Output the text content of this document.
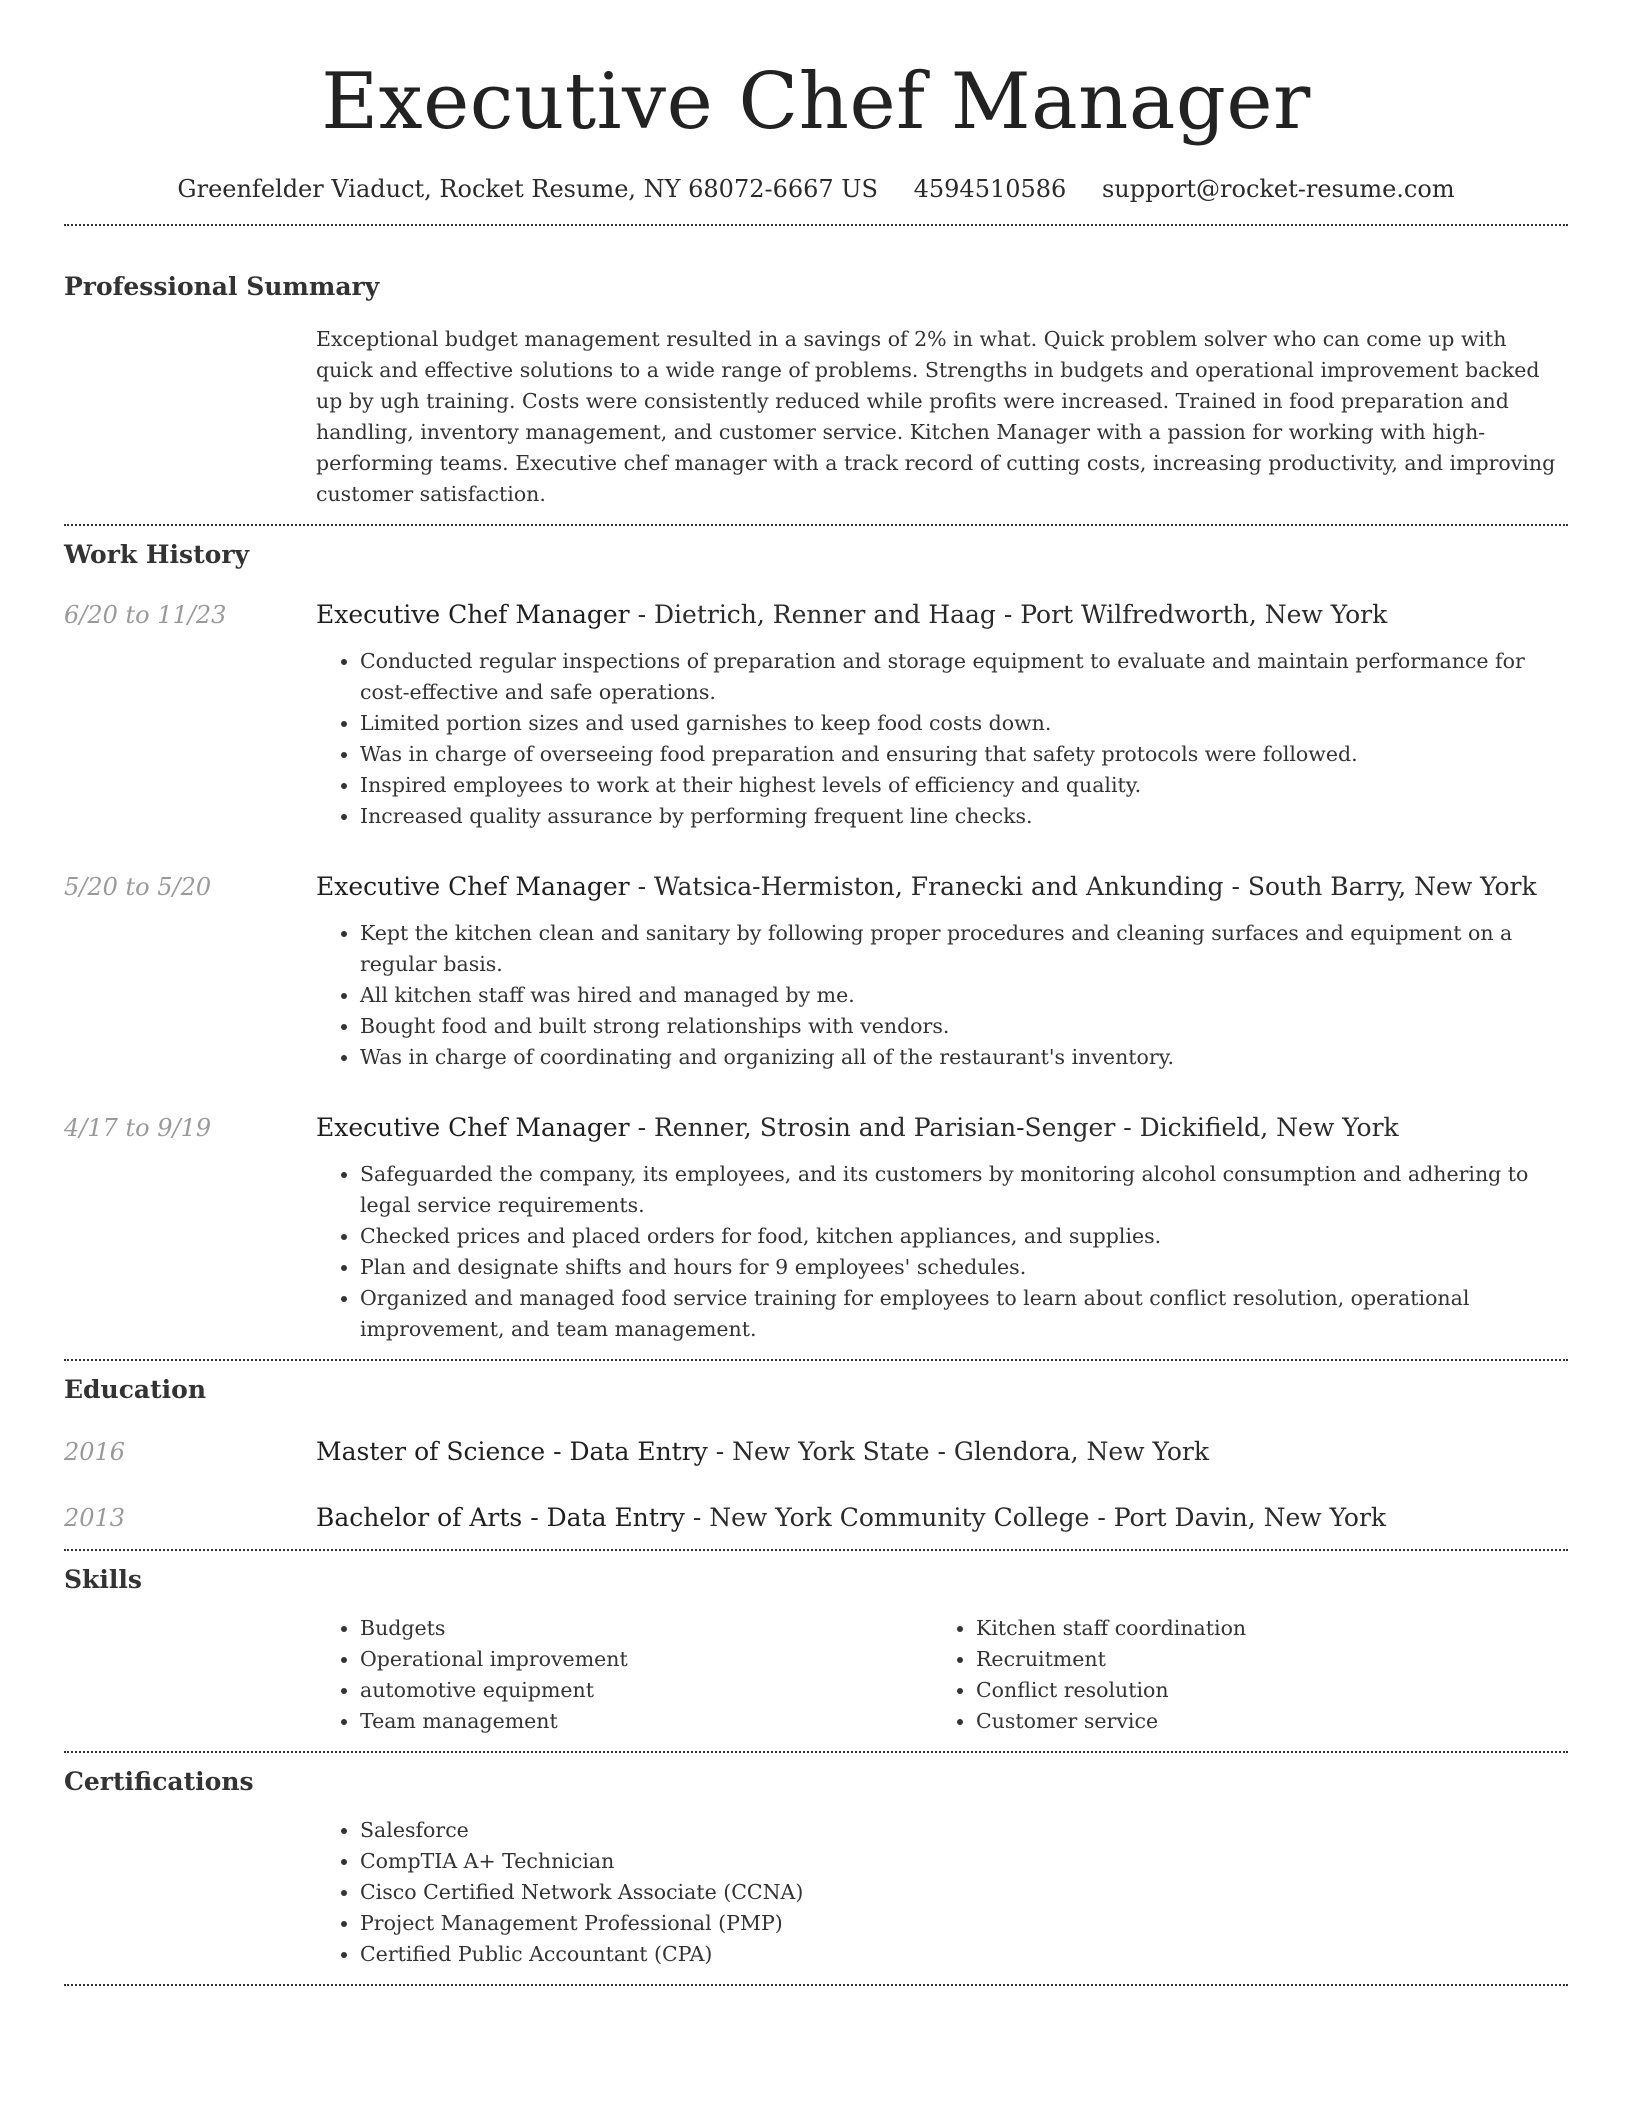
Executive Chef Manager
Greenfelder Viaduct, Rocket Resume, NY 68072-6667 US 4594510586 support@rocket-resume.com
Professional Summary

Exceptional budget management resulted in a savings of 2% in what. Quick problem solver who can come up with quick and effective solutions to a wide range of problems. Strengths in budgets and operational improvement backed up by ugh training. Costs were consistently reduced while profits were increased. Trained in food preparation and handling, inventory management, and customer service. Kitchen Manager with a passion for working with high-performing teams. Executive chef manager with a track record of cutting costs, increasing productivity, and improving customer satisfaction.

Work History
6/20 to 11/23	Executive Chef Manager - Dietrich, Renner and Haag - Port Wilfredworth, New York
• Conducted regular inspections of preparation and storage equipment to evaluate and maintain performance for cost-effective and safe operations.
• Limited portion sizes and used garnishes to keep food costs down.
• Was in charge of overseeing food preparation and ensuring that safety protocols were followed.
• Inspired employees to work at their highest levels of efficiency and quality.
• Increased quality assurance by performing frequent line checks.
5/20 to 5/20	Executive Chef Manager - Watsica-Hermiston, Franecki and Ankunding - South Barry, New York
• Kept the kitchen clean and sanitary by following proper procedures and cleaning surfaces and equipment on a regular basis.
• All kitchen staff was hired and managed by me.
• Bought food and built strong relationships with vendors.
• Was in charge of coordinating and organizing all of the restaurant's inventory.
4/17 to 9/19	Executive Chef Manager - Renner, Strosin and Parisian-Senger - Dickifield, New York
• Safeguarded the company, its employees, and its customers by monitoring alcohol consumption and adhering to legal service requirements.
• Checked prices and placed orders for food, kitchen appliances, and supplies.
• Plan and designate shifts and hours for 9 employees' schedules.
• Organized and managed food service training for employees to learn about conflict resolution, operational improvement, and team management.
Education
2016	Master of Science - Data Entry - New York State - Glendora, New York
2013	Bachelor of Arts - Data Entry - New York Community College - Port Davin, New York
Skills
• Budgets
• Operational improvement
• automotive equipment
• Team management
• Kitchen staff coordination
• Recruitment
• Conflict resolution
• Customer service
Certifications
• Salesforce
• CompTIA A+ Technician
• Cisco Certified Network Associate (CCNA)
• Project Management Professional (PMP)
• Certified Public Accountant (CPA)
